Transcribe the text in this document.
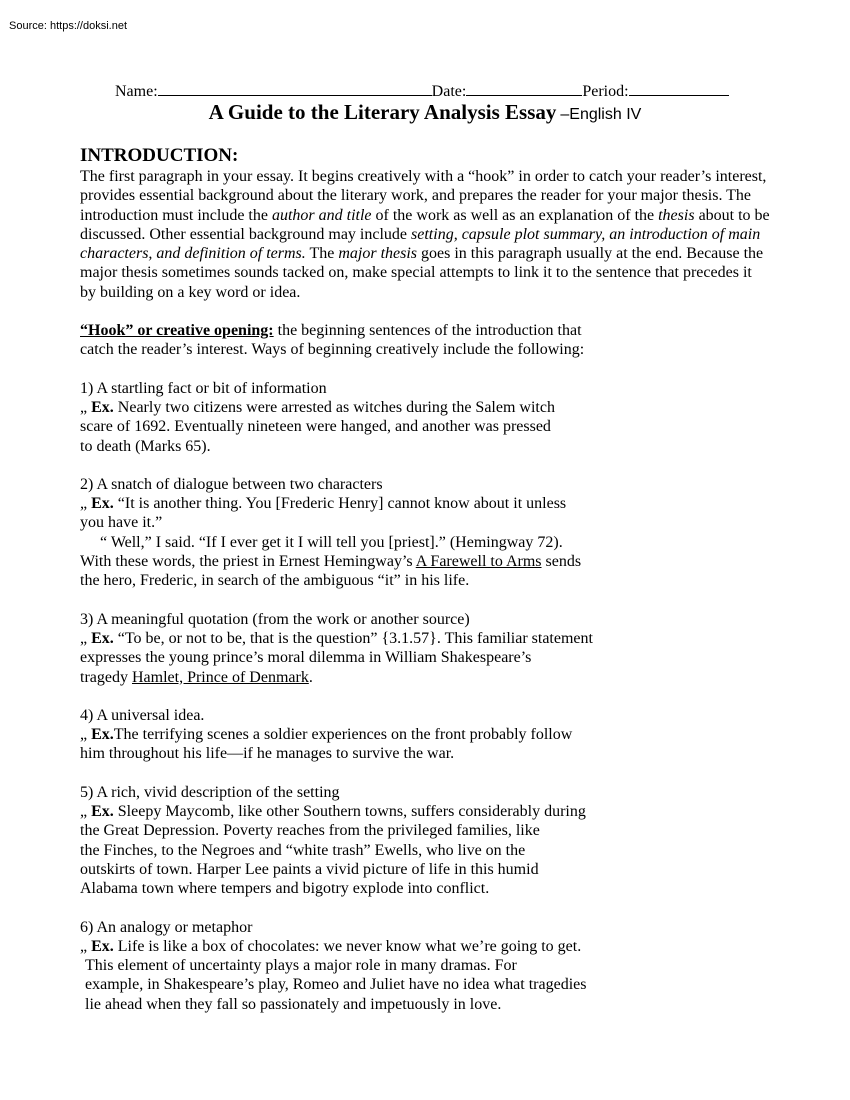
Source: https://doksi.net
Name:	Date:	Period:
A Guide to the Literary Analysis Essay –English IV
INTRODUCTION:

The first paragraph in your essay. It begins creatively with a “hook” in order to catch your reader’s interest, provides essential background about the literary work, and prepares the reader for your major thesis. The introduction must include the author and title of the work as well as an explanation of the thesis about to be discussed. Other essential background may include setting, capsule plot summary, an introduction of main characters, and definition of terms. The major thesis goes in this paragraph usually at the end. Because the major thesis sometimes sounds tacked on, make special attempts to link it to the sentence that precedes it by building on a key word or idea.

“Hook” or creative opening: the beginning sentences of the introduction that
catch the reader’s interest. Ways of beginning creatively include the following:
1) A startling fact or bit of information
„ Ex. Nearly two citizens were arrested as witches during the Salem witch
scare of 1692. Eventually nineteen were hanged, and another was pressed
to death (Marks 65).
2) A snatch of dialogue between two characters
„ Ex. “It is another thing. You [Frederic Henry] cannot know about it unless
you have it.”
“ Well,” I said. “If I ever get it I will tell you [priest].” (Hemingway 72).
With these words, the priest in Ernest Hemingway’s A Farewell to Arms sends
the hero, Frederic, in search of the ambiguous “it” in his life.
3) A meaningful quotation (from the work or another source)
„ Ex. “To be, or not to be, that is the question” {3.1.57}. This familiar statement
expresses the young prince’s moral dilemma in William Shakespeare’s
tragedy Hamlet, Prince of Denmark.
4) A universal idea.
„ Ex.The terrifying scenes a soldier experiences on the front probably follow
him throughout his life—if he manages to survive the war.
5) A rich, vivid description of the setting
„ Ex. Sleepy Maycomb, like other Southern towns, suffers considerably during
the Great Depression. Poverty reaches from the privileged families, like
the Finches, to the Negroes and “white trash” Ewells, who live on the
outskirts of town. Harper Lee paints a vivid picture of life in this humid
Alabama town where tempers and bigotry explode into conflict.
6) An analogy or metaphor
„ Ex. Life is like a box of chocolates: we never know what we’re going to get.
This element of uncertainty plays a major role in many dramas. For
example, in Shakespeare’s play, Romeo and Juliet have no idea what tragedies
lie ahead when they fall so passionately and impetuously in love.
